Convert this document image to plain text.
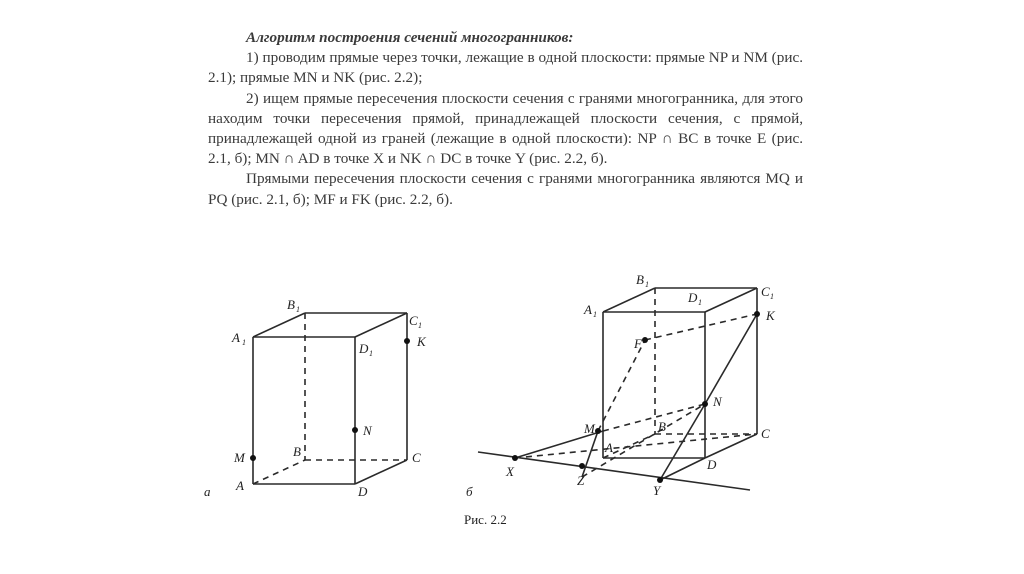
Алгоритм построения сечений многогранников:

1) проводим прямые через точки, лежащие в одной плоскости: прямые NP и NM (рис. 2.1); прямые MN и NK (рис. 2.2);

2) ищем прямые пересечения плоскости сечения с гранями многогранника, для этого находим точки пересечения прямой, принадлежащей плоскости сечения, с прямой, принадлежащей одной из граней (лежащие в одной плоскости): NP ∩ BC в точке E (рис. 2.1, б); MN ∩ AD в точке X и NK ∩ DC в точке Y (рис. 2.2, б).

Прямыми пересечения плоскости сечения с гранями многогранника являются MQ и PQ (рис. 2.1, б); MF и FK (рис. 2.2, б).

A 1
B 1
C 1
D 1
K
N
M	B	C
A	D
а
A 1
B 1	C 1
D 1
K
F
N
M	B	C
A
D
X
Z
Y
б
Рис. 2.2
